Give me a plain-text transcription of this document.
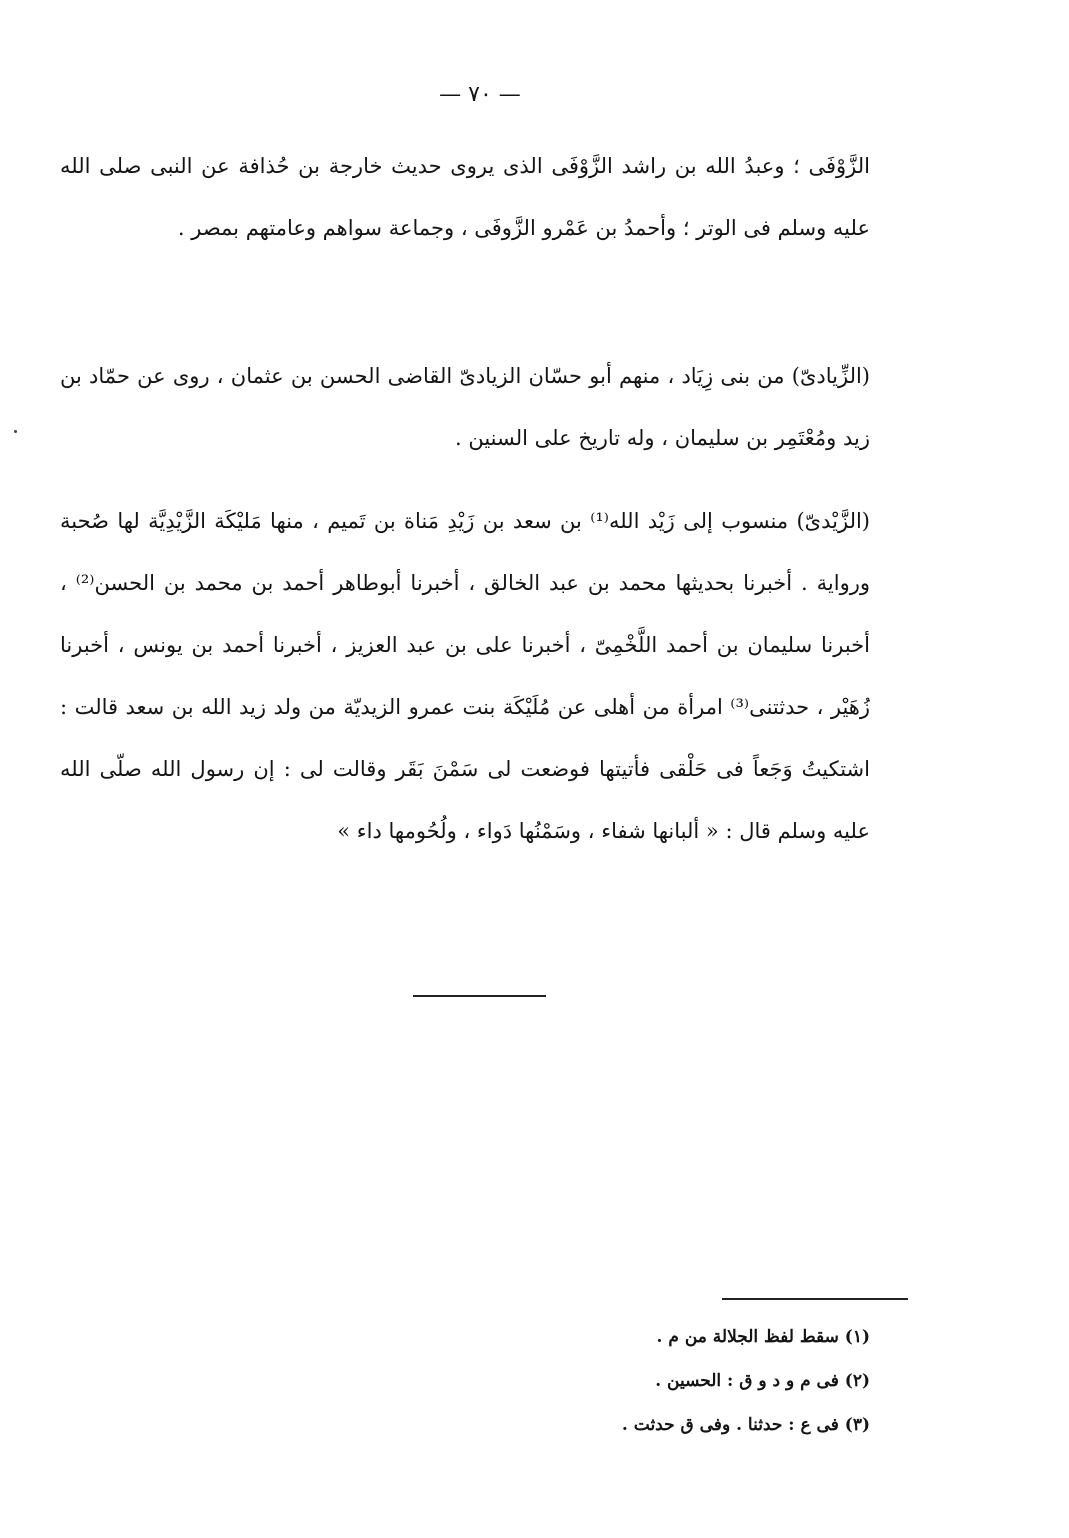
— ٧٠ —

الزَّوْفَى ؛ وعبدُ الله بن راشد الزَّوْفَى الذى يروى حديث خارجة بن حُذافة عن النبى صلى الله عليه وسلم فى الوتر ؛ وأحمدُ بن عَمْرو الزَّوفَى ، وجماعة سواهم وعامتهم بمصر .

(الزِّيادىّ) من بنى زِيَاد ، منهم أبو حسّان الزيادىّ القاضى الحسن بن عثمان ، روى عن حمّاد بن زيد ومُعْتَمِر بن سليمان ، وله تاريخ على السنين .

(الزَّيْدىّ) منسوب إلى زَيْد الله⁽¹⁾ بن سعد بن زَيْدِ مَناة بن تَميم ، منها مَليْكَة الزَّيْدِيَّة لها صُحبة ورواية . أخبرنا بحديثها محمد بن عبد الخالق ، أخبرنا أبوطاهر أحمد بن محمد بن الحسن⁽²⁾ ، أخبرنا سليمان بن أحمد اللَّخْمِىّ ، أخبرنا على بن عبد العزيز ، أخبرنا أحمد بن يونس ، أخبرنا زُهَيْر ، حدثتنى⁽³⁾ امرأة من أهلى عن مُلَيْكَة بنت عمرو الزيديّة من ولد زيد الله بن سعد قالت : اشتكيتُ وَجَعاً فى حَلْقى فأتيتها فوضعت لى سَمْنَ بَقَر وقالت لى : إن رسول الله صلّى الله عليه وسلم قال : « ألبانها شفاء ، وسَمْنُها دَواء ، ولُحُومها داء »

(١) سقط لفظ الجلالة من م .
(٢) فى م و د و ق : الحسين .
(٣) فى ع : حدثنا . وفى ق حدثت .
